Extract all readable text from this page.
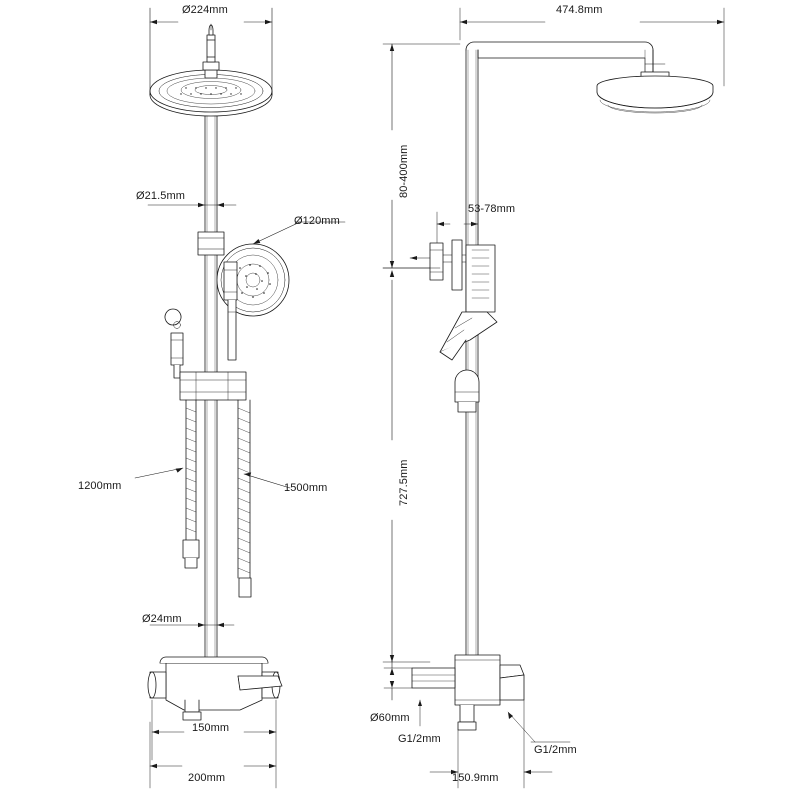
Ø224mm
Ø21.5mm
Ø120mm
1200mm	1500mm
Ø24mm
150mm
200mm
474.8mm
80-400mm
53-78mm
727.5mm
Ø60mm
G1/2mm
G1/2mm
150.9mm
